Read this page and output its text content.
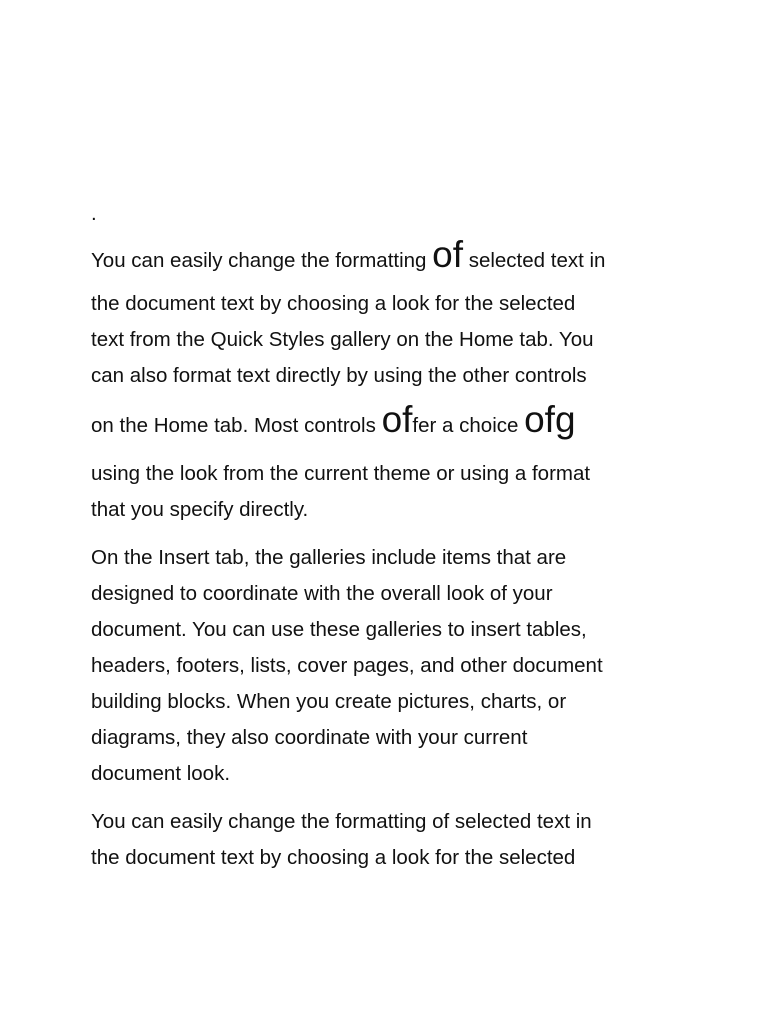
.
You can easily change the formatting of selected text in
the document text by choosing a look for the selected
text from the Quick Styles gallery on the Home tab. You
can also format text directly by using the other controls
on the Home tab. Most controls offer a choice ofg
using the look from the current theme or using a format
that you specify directly.
On the Insert tab, the galleries include items that are
designed to coordinate with the overall look of your
document. You can use these galleries to insert tables,
headers, footers, lists, cover pages, and other document
building blocks. When you create pictures, charts, or
diagrams, they also coordinate with your current
document look.
You can easily change the formatting of selected text in
the document text by choosing a look for the selected
